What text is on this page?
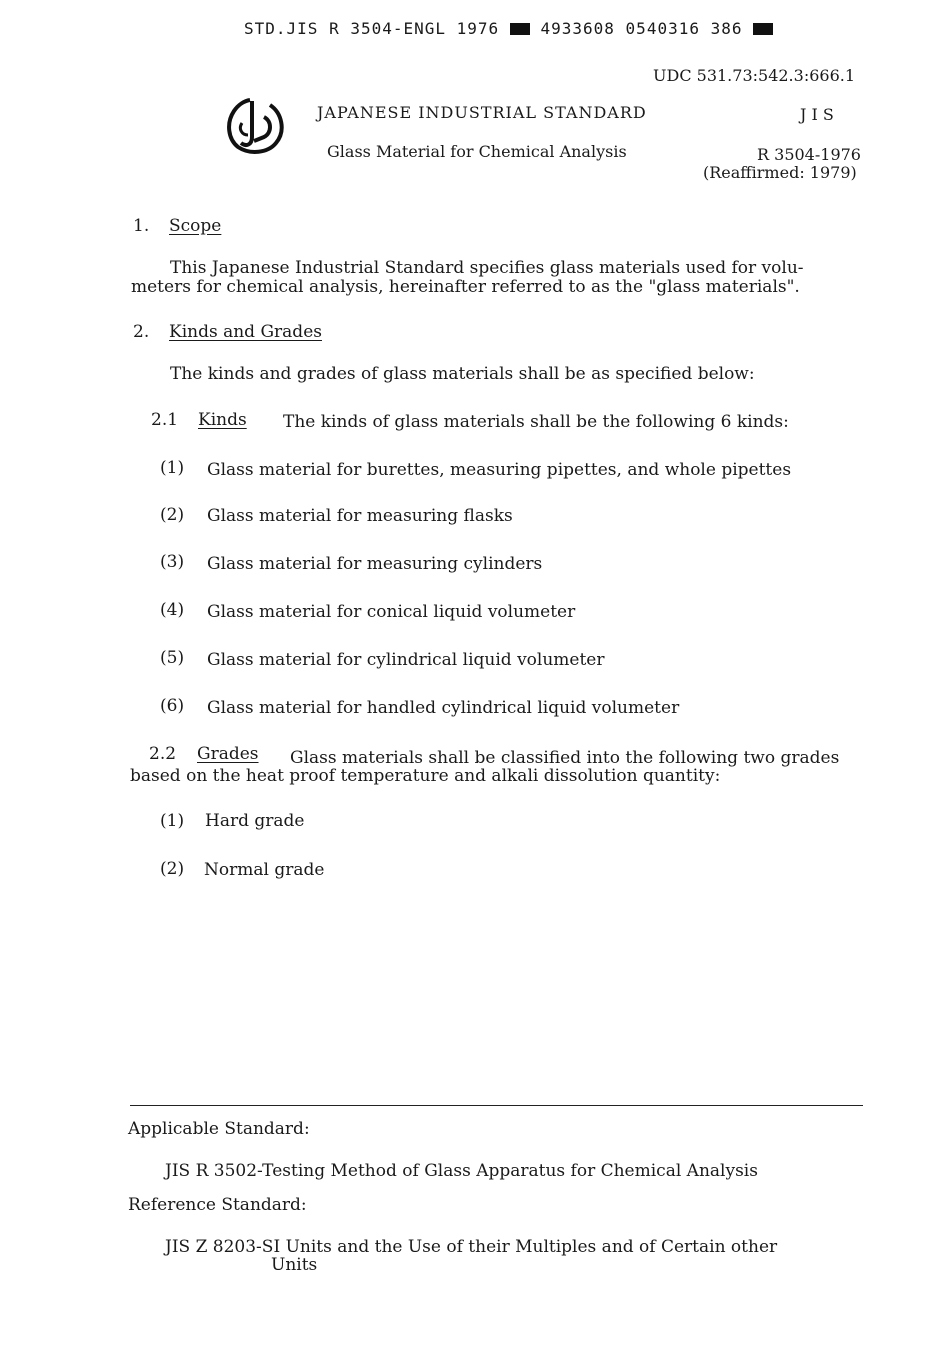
STD.JIS R 3504-ENGL 1976	4933608 0540316 386
UDC 531.73:542.3:666.1
JAPANESE INDUSTRIAL STANDARD	J I S
Glass Material for Chemical Analysis	R 3504-1976
(Reaffirmed: 1979)
1. Scope
This Japanese Industrial Standard specifies glass materials used for volu-
meters for chemical analysis, hereinafter referred to as the "glass materials".
2. Kinds and Grades
The kinds and grades of glass materials shall be as specified below:
2.1 Kinds The kinds of glass materials shall be the following 6 kinds:
(1) Glass material for burettes, measuring pipettes, and whole pipettes
(2) Glass material for measuring flasks
(3) Glass material for measuring cylinders
(4) Glass material for conical liquid volumeter
(5) Glass material for cylindrical liquid volumeter
(6) Glass material for handled cylindrical liquid volumeter
2.2 Grades Glass materials shall be classified into the following two grades
based on the heat proof temperature and alkali dissolution quantity:
(1) Hard grade
(2) Normal grade
Applicable Standard:
JIS R 3502-Testing Method of Glass Apparatus for Chemical Analysis
Reference Standard:
JIS Z 8203-SI Units and the Use of their Multiples and of Certain other
Units
